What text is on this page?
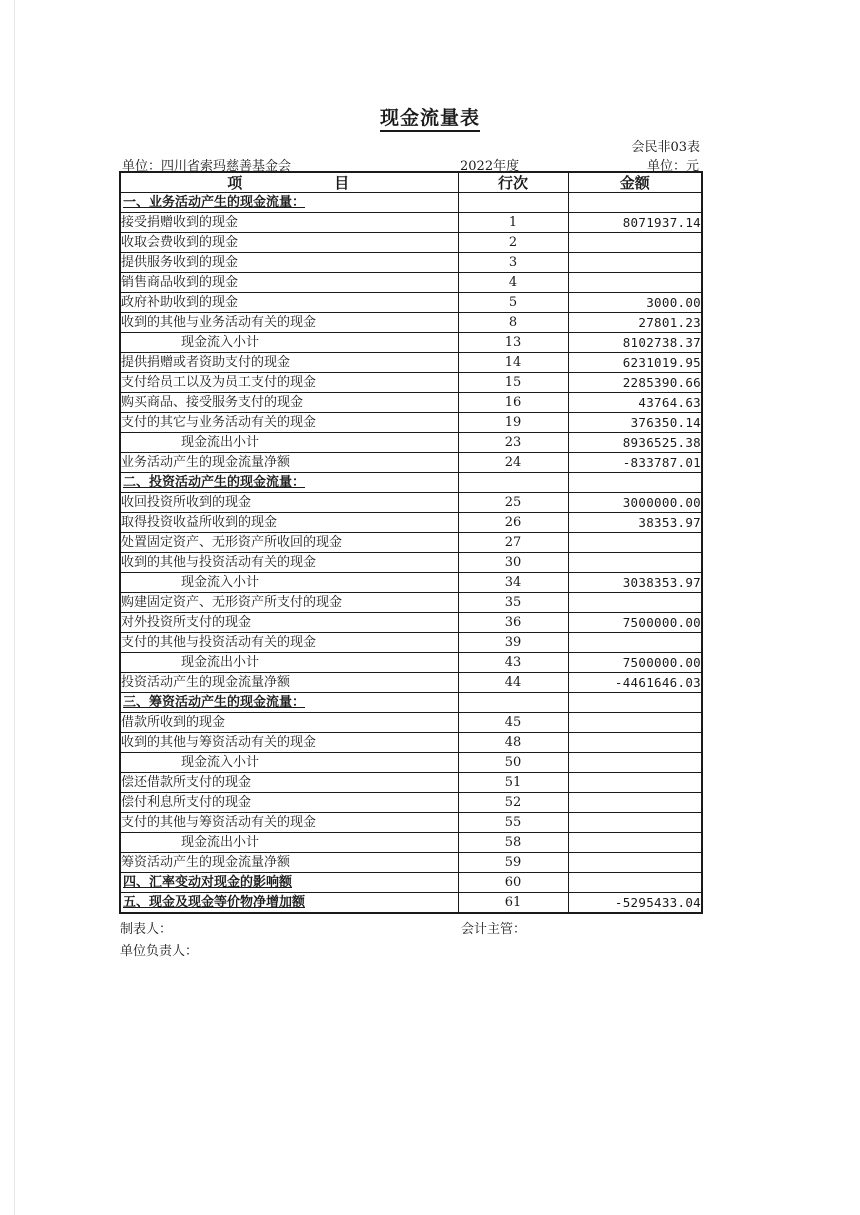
现金流量表
会民非03表
单位：四川省索玛慈善基金会	2022年度	单位：元
项 目	行次	金额
一、业务活动产生的现金流量：		
接受捐赠收到的现金	1	8071937.14
收取会费收到的现金	2	
提供服务收到的现金	3	
销售商品收到的现金	4	
政府补助收到的现金	5	3000.00
收到的其他与业务活动有关的现金	8	27801.23
现金流入小计	13	8102738.37
提供捐赠或者资助支付的现金	14	6231019.95
支付给员工以及为员工支付的现金	15	2285390.66
购买商品、接受服务支付的现金	16	43764.63
支付的其它与业务活动有关的现金	19	376350.14
现金流出小计	23	8936525.38
业务活动产生的现金流量净额	24	-833787.01
二、投资活动产生的现金流量：		
收回投资所收到的现金	25	3000000.00
取得投资收益所收到的现金	26	38353.97
处置固定资产、无形资产所收回的现金	27	
收到的其他与投资活动有关的现金	30	
现金流入小计	34	3038353.97
购建固定资产、无形资产所支付的现金	35	
对外投资所支付的现金	36	7500000.00
支付的其他与投资活动有关的现金	39	
现金流出小计	43	7500000.00
投资活动产生的现金流量净额	44	-4461646.03
三、筹资活动产生的现金流量：		
借款所收到的现金	45	
收到的其他与筹资活动有关的现金	48	
现金流入小计	50	
偿还借款所支付的现金	51	
偿付利息所支付的现金	52	
支付的其他与筹资活动有关的现金	55	
现金流出小计	58	
筹资活动产生的现金流量净额	59	
四、汇率变动对现金的影响额	60	
五、现金及现金等价物净增加额	61	-5295433.04
制表人：	会计主管：
单位负责人：
